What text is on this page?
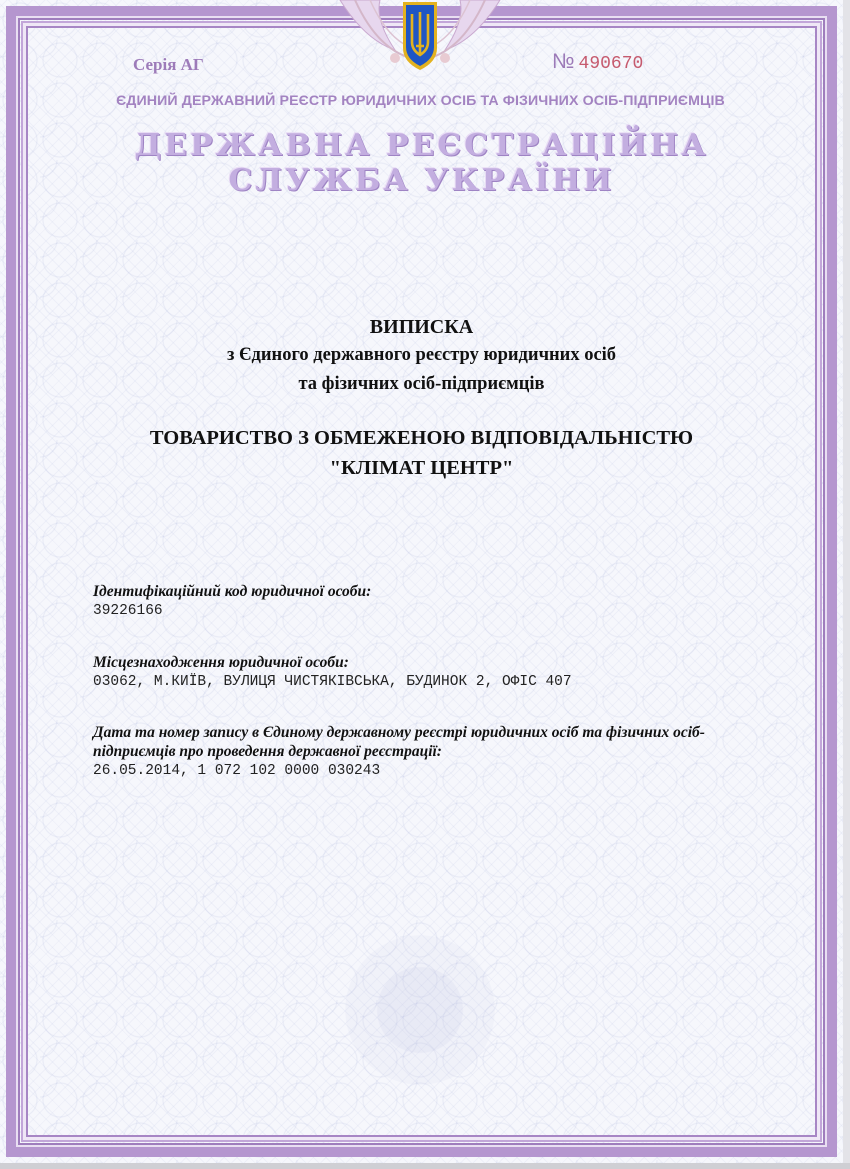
Серія АГ	№ 490670
ЄДИНИЙ ДЕРЖАВНИЙ РЕЄСТР ЮРИДИЧНИХ ОСІБ ТА ФІЗИЧНИХ ОСІБ-ПІДПРИЄМЦІВ
ДЕРЖАВНА РЕЄСТРАЦІЙНА
СЛУЖБА УКРАЇНИ
ВИПИСКА
з Єдиного державного реєстру юридичних осіб
та фізичних осіб-підприємців
ТОВАРИСТВО З ОБМЕЖЕНОЮ ВІДПОВІДАЛЬНІСТЮ
"КЛІМАТ ЦЕНТР"
Ідентифікаційний код юридичної особи:
39226166
Місцезнаходження юридичної особи:
03062, М.КИЇВ, ВУЛИЦЯ ЧИСТЯКІВСЬКА, БУДИНОК 2, ОФІС 407
Дата та номер запису в Єдиному державному реєстрі юридичних осіб та фізичних осіб-підприємців про проведення державної реєстрації:
26.05.2014, 1 072 102 0000 030243
